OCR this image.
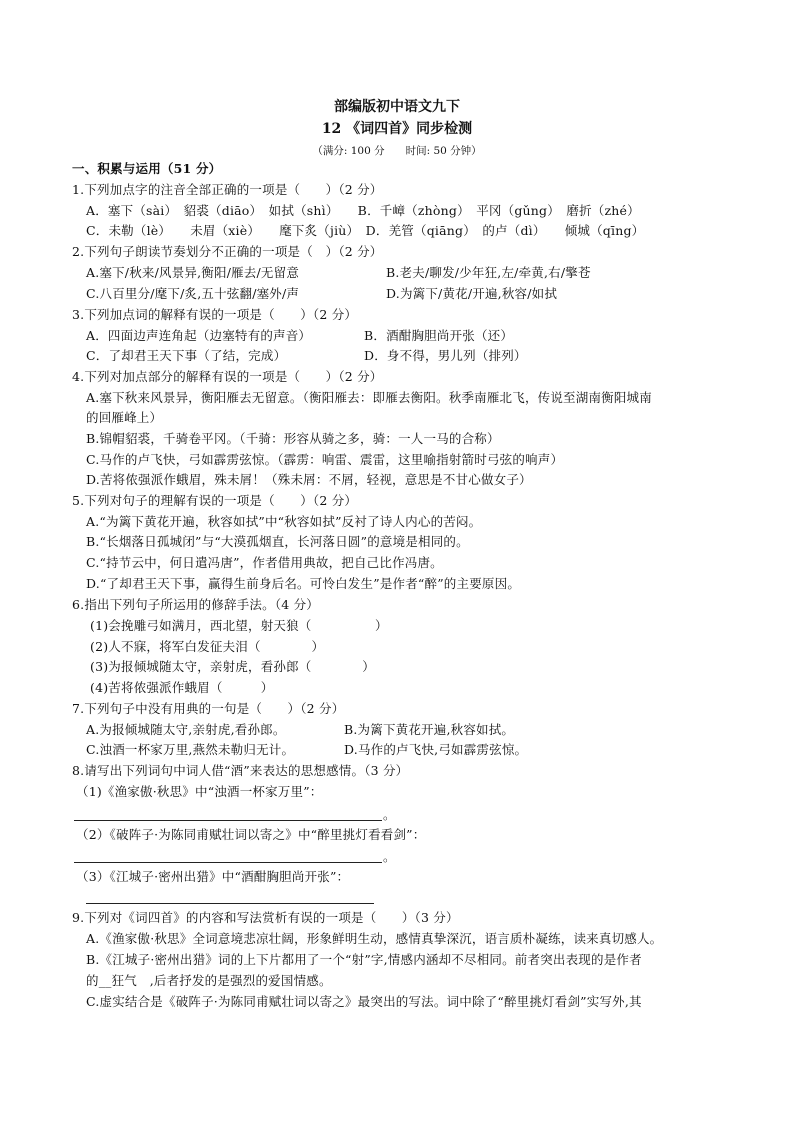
部编版初中语文九下
12 《词四首》同步检测
（满分: 100 分　　时间: 50 分钟）
一、积累与运用（51 分）
1.下列加点字的注音全部正确的一项是（　　）（2 分）
A．塞下（sài）　貂裘（diāo）　如拭（shì）　　B．千嶂（zhòng）　平冈（gǔng）　磨折（zhé）
C．未勒（lè）　　未眉（xiè）　　麾下炙（jiù）　D．羌管（qiāng）　的卢（dì）　　倾城（qīng）
2.下列句子朗读节奏划分不正确的一项是（　）（2 分）
A.塞下/秋来/风景异,衡阳/雁去/无留意	B.老夫/聊发/少年狂,左/牵黄,右/擎苍
C.八百里分/麾下/炙,五十弦翻/塞外/声	D.为篱下/黄花/开遍,秋容/如拭
3.下列加点词的解释有误的一项是（　　）（2 分）
A．四面边声连角起（边塞特有的声音）	B．酒酣胸胆尚开张（还）
C．了却君王天下事（了结，完成）	D．身不得，男儿列（排列）
4.下列对加点部分的解释有误的一项是（　　）（2 分）
A.塞下秋来风景异，衡阳雁去无留意。（衡阳雁去：即雁去衡阳。秋季南雁北飞，传说至湖南衡阳城南
的回雁峰上）
B.锦帽貂裘，千骑卷平冈。（千骑：形容从骑之多，骑：一人一马的合称）
C.马作的卢飞快，弓如霹雳弦惊。（霹雳：响雷、震雷，这里喻指射箭时弓弦的响声）
D.苦将侬强派作蛾眉，殊未屑！（殊未屑：不屑，轻视，意思是不甘心做女子）
5.下列对句子的理解有误的一项是（　　）（2 分）
A.“为篱下黄花开遍，秋容如拭”中“秋容如拭”反衬了诗人内心的苦闷。
B.“长烟落日孤城闭”与“大漠孤烟直，长河落日圆”的意境是相同的。
C.“持节云中，何日遣冯唐”，作者借用典故，把自己比作冯唐。
D.“了却君王天下事，赢得生前身后名。可怜白发生”是作者“醉”的主要原因。
6.指出下列句子所运用的修辞手法。（4 分）
(1)会挽雕弓如满月，西北望，射天狼（　　　　　）
(2)人不寐，将军白发征夫泪（　　　　）
(3)为报倾城随太守，亲射虎，看孙郎（　　　　）
(4)苦将侬强派作蛾眉（　　　）
7.下列句子中没有用典的一句是（　　）（2 分）
A.为报倾城随太守,亲射虎,看孙郎。	B.为篱下黄花开遍,秋容如拭。
C.浊酒一杯家万里,燕然未勒归无计。	D.马作的卢飞快,弓如霹雳弦惊。
8.请写出下列词句中词人借“酒”来表达的思想感情。（3 分）
（1)《渔家傲·秋思》中“浊酒一杯家万里”：
。
（2）《破阵子·为陈同甫赋壮词以寄之》中“醉里挑灯看看剑”：
。
（3）《江城子·密州出猎》中“酒酣胸胆尚开张”：
9.下列对《词四首》的内容和写法赏析有误的一项是（　　）（3 分）
A.《渔家傲·秋思》全词意境悲凉壮阔，形象鲜明生动，感情真挚深沉，语言质朴凝练，读来真切感人。
B.《江城子·密州出猎》词的上下片都用了一个“射”字,情感内涵却不尽相同。前者突出表现的是作者
的__狂气　,后者抒发的是强烈的爱国情感。
C.虚实结合是《破阵子·为陈同甫赋壮词以寄之》最突出的写法。词中除了“醉里挑灯看剑”实写外,其
